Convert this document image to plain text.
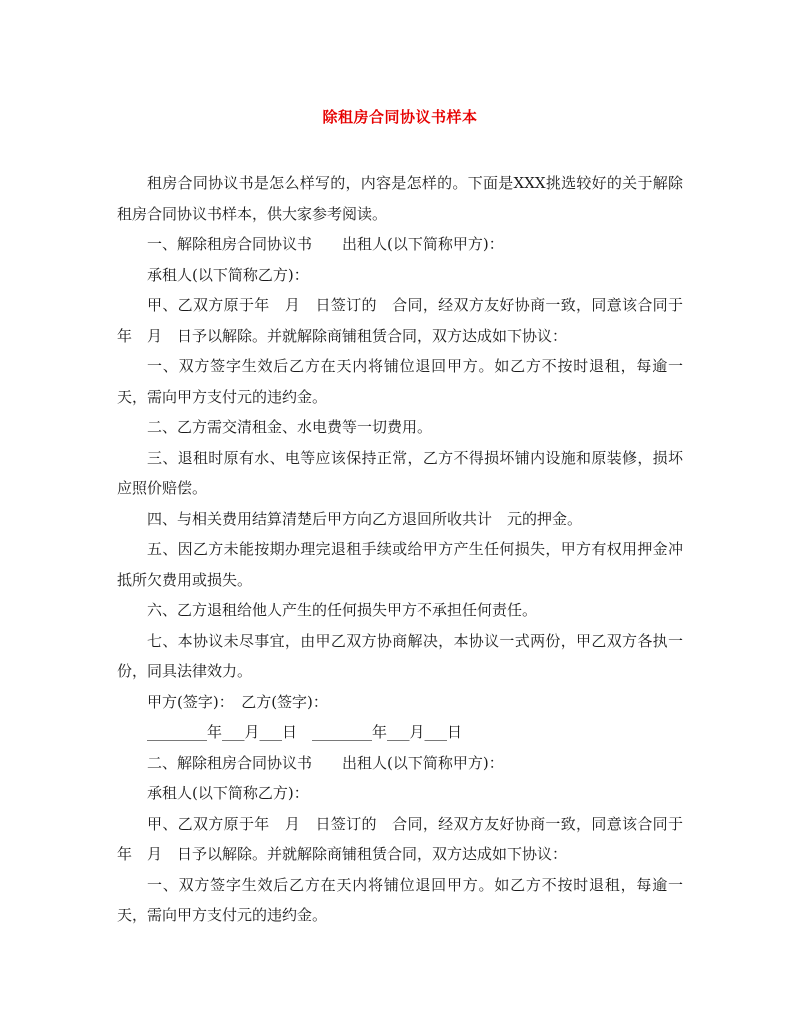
除租房合同协议书样本

租房合同协议书是怎么样写的，内容是怎样的。下面是XXX挑选较好的关于解除租房合同协议书样本，供大家参考阅读。

一、解除租房合同协议书　　出租人(以下简称甲方)：

承租人(以下简称乙方)：

甲、乙双方原于年　月　日签订的　合同，经双方友好协商一致，同意该合同于年　月　日予以解除。并就解除商铺租赁合同，双方达成如下协议：

一、双方签字生效后乙方在天内将铺位退回甲方。如乙方不按时退租，每逾一天，需向甲方支付元的违约金。

二、乙方需交清租金、水电费等一切费用。

三、退租时原有水、电等应该保持正常，乙方不得损坏铺内设施和原装修，损坏应照价赔偿。

四、与相关费用结算清楚后甲方向乙方退回所收共计　元的押金。

五、因乙方未能按期办理完退租手续或给甲方产生任何损失，甲方有权用押金冲抵所欠费用或损失。

六、乙方退租给他人产生的任何损失甲方不承担任何责任。

七、本协议未尽事宜，由甲乙双方协商解决，本协议一式两份，甲乙双方各执一份，同具法律效力。

甲方(签字)：　乙方(签字)：

________年___月___日　________年___月___日

二、解除租房合同协议书　　出租人(以下简称甲方)：

承租人(以下简称乙方)：

甲、乙双方原于年　月　日签订的　合同，经双方友好协商一致，同意该合同于年　月　日予以解除。并就解除商铺租赁合同，双方达成如下协议：

一、双方签字生效后乙方在天内将铺位退回甲方。如乙方不按时退租，每逾一天，需向甲方支付元的违约金。
